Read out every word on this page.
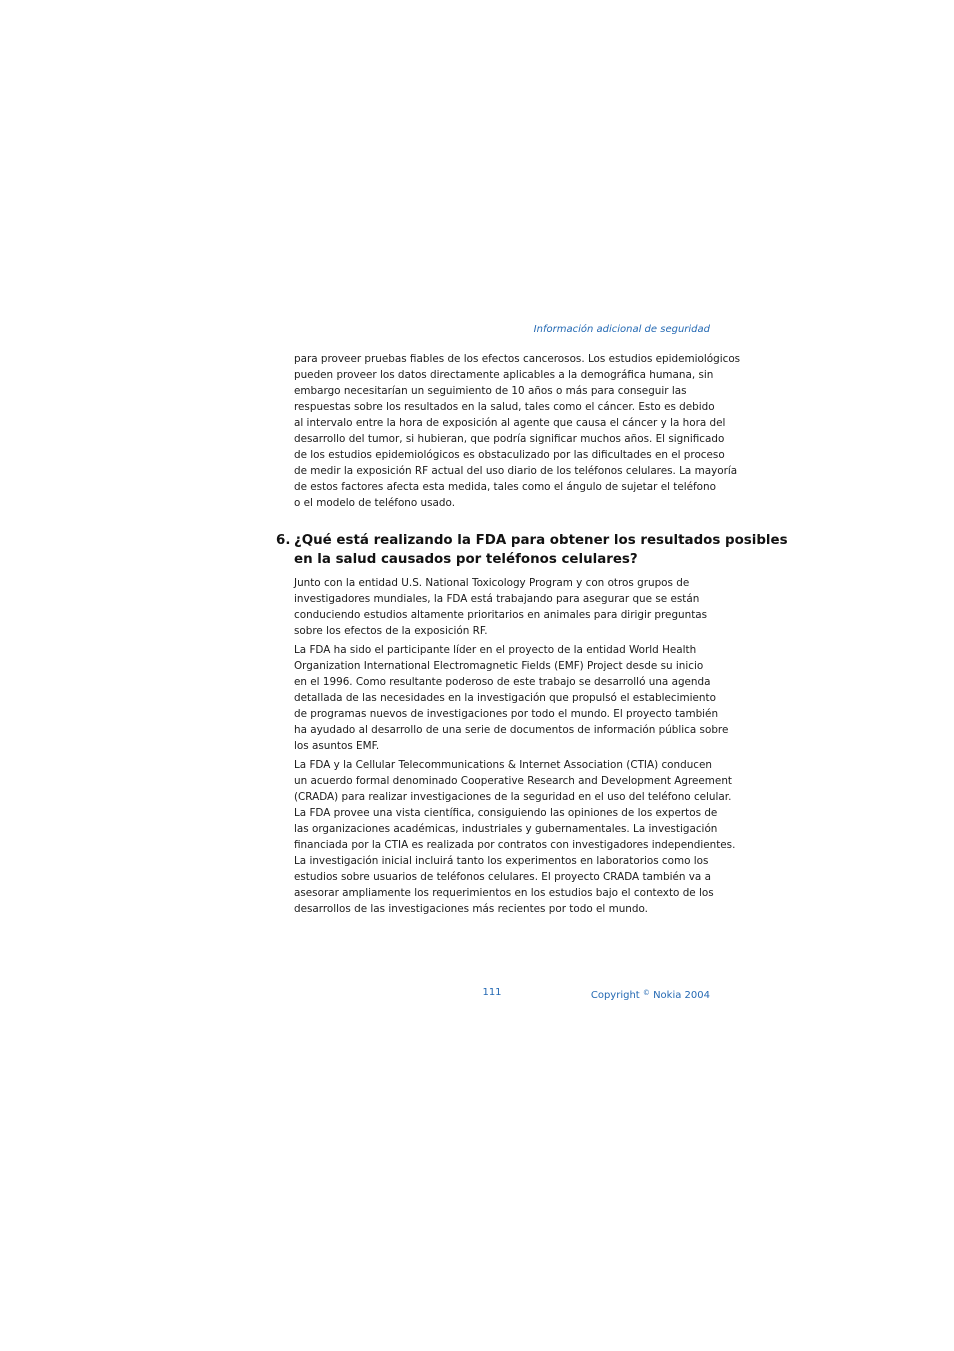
Información adicional de seguridad

para proveer pruebas fiables de los efectos cancerosos. Los estudios epidemiológicos
pueden proveer los datos directamente aplicables a la demográfica humana, sin
embargo necesitarían un seguimiento de 10 años o más para conseguir las
respuestas sobre los resultados en la salud, tales como el cáncer. Esto es debido
al intervalo entre la hora de exposición al agente que causa el cáncer y la hora del
desarrollo del tumor, si hubieran, que podría significar muchos años. El significado
de los estudios epidemiológicos es obstaculizado por las dificultades en el proceso
de medir la exposición RF actual del uso diario de los teléfonos celulares. La mayoría
de estos factores afecta esta medida, tales como el ángulo de sujetar el teléfono
o el modelo de teléfono usado.

6. ¿Qué está realizando la FDA para obtener los resultados posibles
en la salud causados por teléfonos celulares?

Junto con la entidad U.S. National Toxicology Program y con otros grupos de
investigadores mundiales, la FDA está trabajando para asegurar que se están
conduciendo estudios altamente prioritarios en animales para dirigir preguntas
sobre los efectos de la exposición RF.

La FDA ha sido el participante líder en el proyecto de la entidad World Health
Organization International Electromagnetic Fields (EMF) Project desde su inicio
en el 1996. Como resultante poderoso de este trabajo se desarrolló una agenda
detallada de las necesidades en la investigación que propulsó el establecimiento
de programas nuevos de investigaciones por todo el mundo. El proyecto también
ha ayudado al desarrollo de una serie de documentos de información pública sobre
los asuntos EMF.

La FDA y la Cellular Telecommunications & Internet Association (CTIA) conducen
un acuerdo formal denominado Cooperative Research and Development Agreement
(CRADA) para realizar investigaciones de la seguridad en el uso del teléfono celular.
La FDA provee una vista científica, consiguiendo las opiniones de los expertos de
las organizaciones académicas, industriales y gubernamentales. La investigación
financiada por la CTIA es realizada por contratos con investigadores independientes.
La investigación inicial incluirá tanto los experimentos en laboratorios como los
estudios sobre usuarios de teléfonos celulares. El proyecto CRADA también va a
asesorar ampliamente los requerimientos en los estudios bajo el contexto de los
desarrollos de las investigaciones más recientes por todo el mundo.

111	Copyright © Nokia 2004
